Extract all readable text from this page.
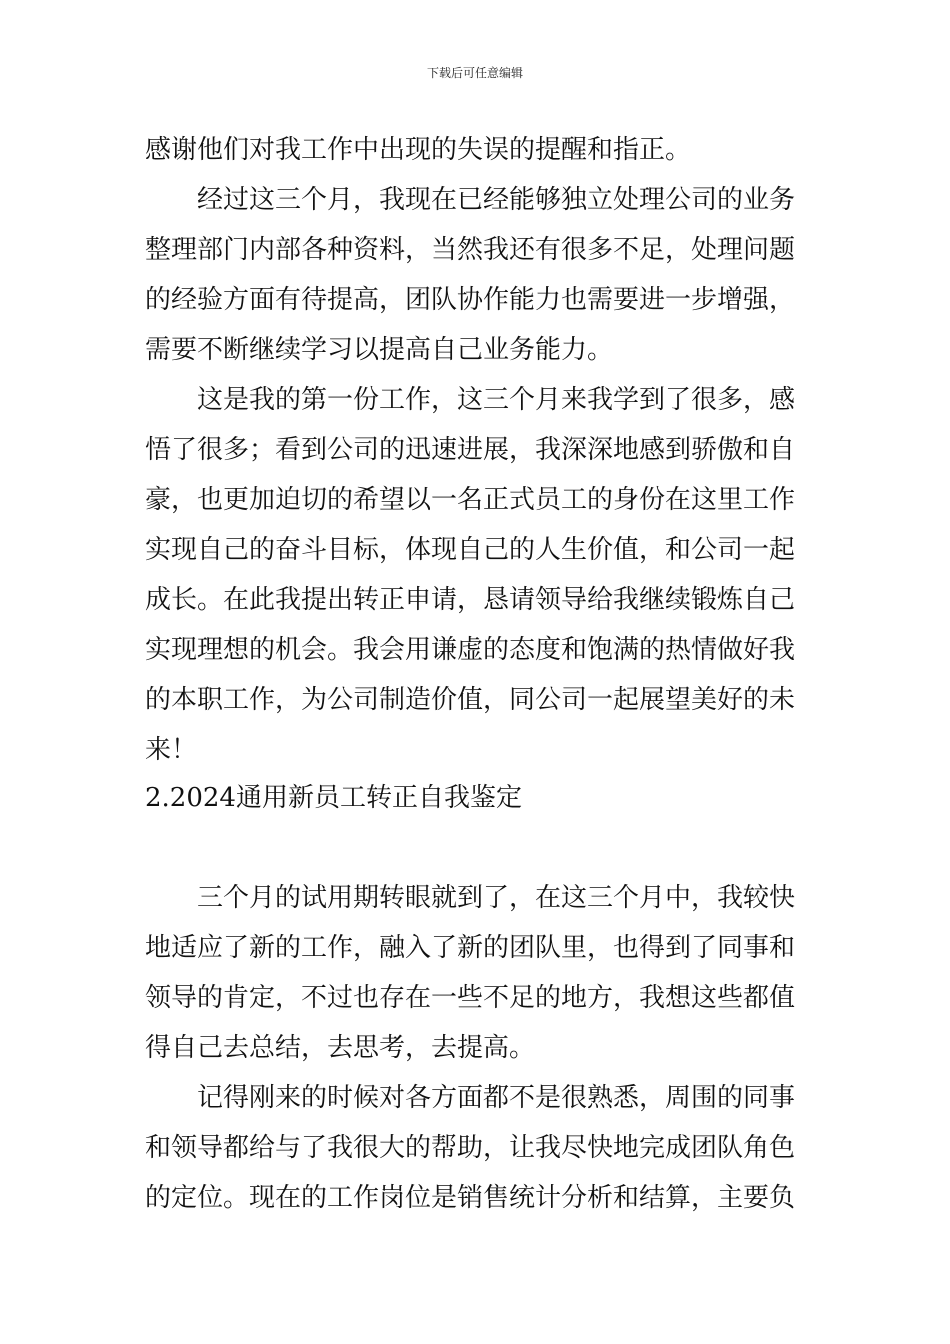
下载后可任意编辑
感谢他们对我工作中出现的失误的提醒和指正。
经过这三个月，我现在已经能够独立处理公司的业务
整理部门内部各种资料，当然我还有很多不足，处理问题
的经验方面有待提高，团队协作能力也需要进一步增强，
需要不断继续学习以提高自己业务能力。
这是我的第一份工作，这三个月来我学到了很多，感
悟了很多；看到公司的迅速进展，我深深地感到骄傲和自
豪，也更加迫切的希望以一名正式员工的身份在这里工作
实现自己的奋斗目标，体现自己的人生价值，和公司一起
成长。在此我提出转正申请，恳请领导给我继续锻炼自己
实现理想的机会。我会用谦虚的态度和饱满的热情做好我
的本职工作，为公司制造价值，同公司一起展望美好的未
来！
2.2024通用新员工转正自我鉴定
三个月的试用期转眼就到了，在这三个月中，我较快
地适应了新的工作，融入了新的团队里，也得到了同事和
领导的肯定，不过也存在一些不足的地方，我想这些都值
得自己去总结，去思考，去提高。
记得刚来的时候对各方面都不是很熟悉，周围的同事
和领导都给与了我很大的帮助，让我尽快地完成团队角色
的定位。现在的工作岗位是销售统计分析和结算，主要负
